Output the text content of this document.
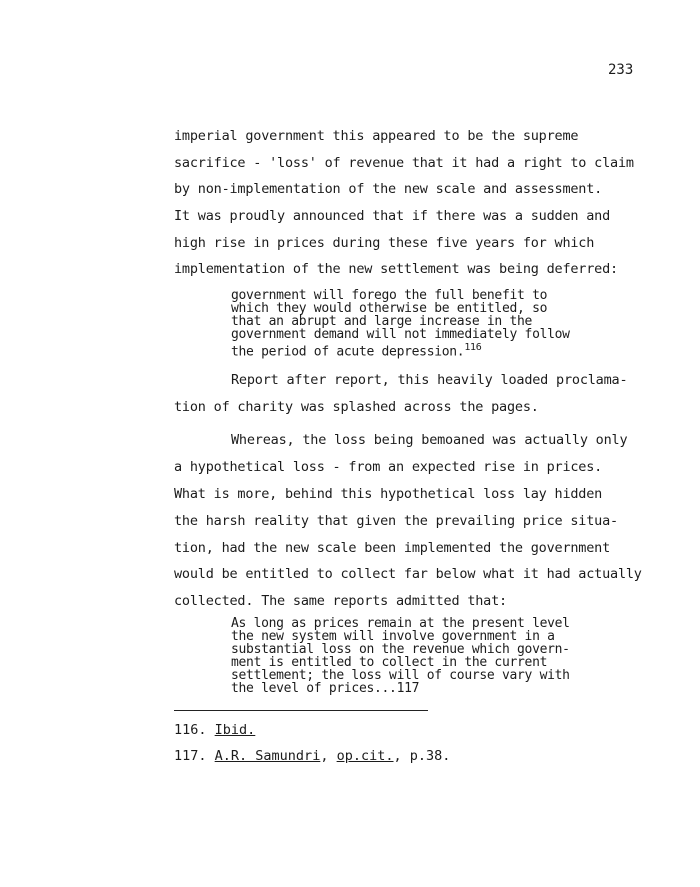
233
imperial government this appeared to be the supreme
sacrifice - 'loss' of revenue that it had a right to claim
by non-implementation of the new scale and assessment.
It was proudly announced that if there was a sudden and
high rise in prices during these five years for which
implementation of the new settlement was being deferred:
government will forego the full benefit to
which they would otherwise be entitled, so
that an abrupt and large increase in the
government demand will not immediately follow
the period of acute depression.$^{116}$
Report after report, this heavily loaded proclama-
tion of charity was splashed across the pages.
Whereas, the loss being bemoaned was actually only
a hypothetical loss - from an expected rise in prices.
What is more, behind this hypothetical loss lay hidden
the harsh reality that given the prevailing price situa-
tion, had the new scale been implemented the government
would be entitled to collect far below what it had actually
collected. The same reports admitted that:
As long as prices remain at the present level
the new system will involve government in a
substantial loss on the revenue which govern-
ment is entitled to collect in the current
settlement; the loss will of course vary with
the level of prices...117
116. Ibid.
117. A.R. Samundri, op.cit., p.38.
